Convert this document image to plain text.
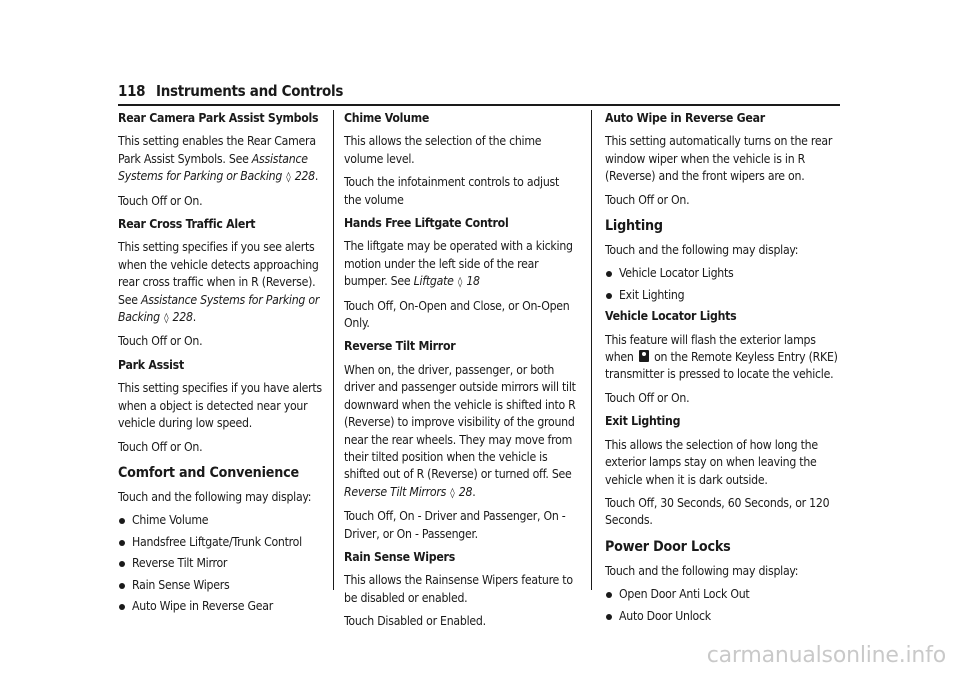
118 Instruments and Controls
Rear Camera Park Assist Symbols
This setting enables the Rear Camera Park Assist Symbols. See Assistance Systems for Parking or Backing ◊ 228.
Touch Off or On.
Rear Cross Traffic Alert
This setting specifies if you see alerts when the vehicle detects approaching rear cross traffic when in R (Reverse). See Assistance Systems for Parking or Backing ◊ 228.
Touch Off or On.
Park Assist
This setting specifies if you have alerts when a object is detected near your vehicle during low speed.
Touch Off or On.
Comfort and Convenience
Touch and the following may display:
Chime Volume
Handsfree Liftgate/Trunk Control
Reverse Tilt Mirror
Rain Sense Wipers
Auto Wipe in Reverse Gear
Chime Volume
This allows the selection of the chime volume level.
Touch the infotainment controls to adjust the volume
Hands Free Liftgate Control
The liftgate may be operated with a kicking motion under the left side of the rear bumper. See Liftgate ◊ 18
Touch Off, On-Open and Close, or On-Open Only.
Reverse Tilt Mirror
When on, the driver, passenger, or both driver and passenger outside mirrors will tilt downward when the vehicle is shifted into R (Reverse) to improve visibility of the ground near the rear wheels. They may move from their tilted position when the vehicle is shifted out of R (Reverse) or turned off. See Reverse Tilt Mirrors ◊ 28.
Touch Off, On - Driver and Passenger, On - Driver, or On - Passenger.
Rain Sense Wipers
This allows the Rainsense Wipers feature to be disabled or enabled.
Touch Disabled or Enabled.
Auto Wipe in Reverse Gear
This setting automatically turns on the rear window wiper when the vehicle is in R (Reverse) and the front wipers are on.
Touch Off or On.
Lighting
Touch and the following may display:
Vehicle Locator Lights
Exit Lighting
Vehicle Locator Lights
This feature will flash the exterior lamps when  on the Remote Keyless Entry (RKE) transmitter is pressed to locate the vehicle.
Touch Off or On.
Exit Lighting
This allows the selection of how long the exterior lamps stay on when leaving the vehicle when it is dark outside.
Touch Off, 30 Seconds, 60 Seconds, or 120 Seconds.
Power Door Locks
Touch and the following may display:
Open Door Anti Lock Out
Auto Door Unlock
carmanualsonline.info
